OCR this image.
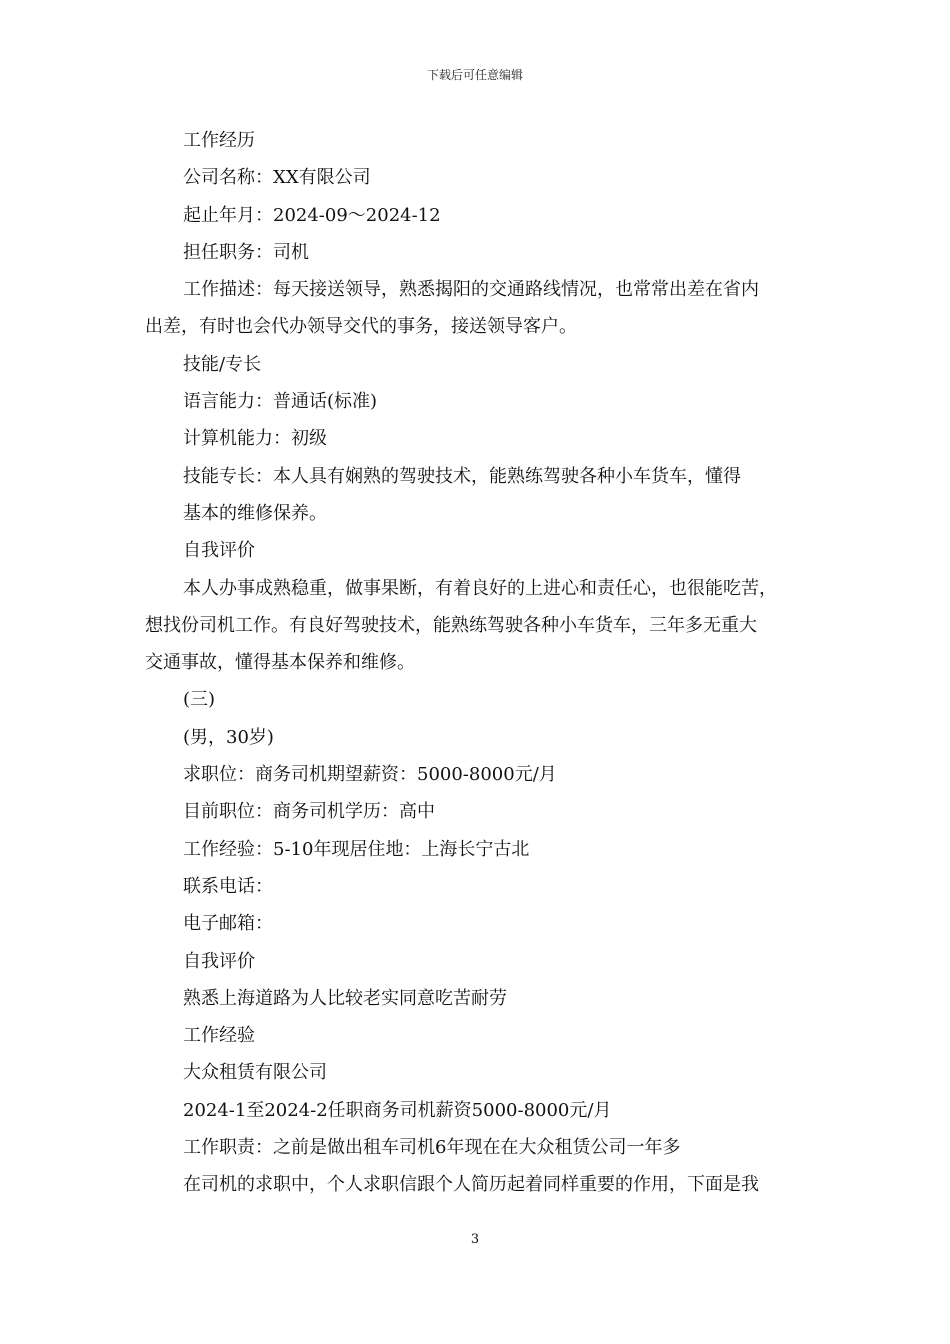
下载后可任意编辑
工作经历
公司名称：XX有限公司
起止年月：2024-09～2024-12
担任职务：司机
工作描述：每天接送领导，熟悉揭阳的交通路线情况，也常常出差在省内
出差，有时也会代办领导交代的事务，接送领导客户。
技能/专长
语言能力：普通话(标准)
计算机能力：初级
技能专长：本人具有娴熟的驾驶技术，能熟练驾驶各种小车货车，懂得
基本的维修保养。
自我评价
本人办事成熟稳重，做事果断，有着良好的上进心和责任心，也很能吃苦，
想找份司机工作。有良好驾驶技术，能熟练驾驶各种小车货车，三年多无重大
交通事故，懂得基本保养和维修。
(三)
(男，30岁)
求职位：商务司机期望薪资：5000-8000元/月
目前职位：商务司机学历：高中
工作经验：5-10年现居住地：上海长宁古北
联系电话：
电子邮箱：
自我评价
熟悉上海道路为人比较老实同意吃苦耐劳
工作经验
大众租赁有限公司
2024-1至2024-2任职商务司机薪资5000-8000元/月
工作职责：之前是做出租车司机6年现在在大众租赁公司一年多
在司机的求职中，个人求职信跟个人简历起着同样重要的作用，下面是我
3
